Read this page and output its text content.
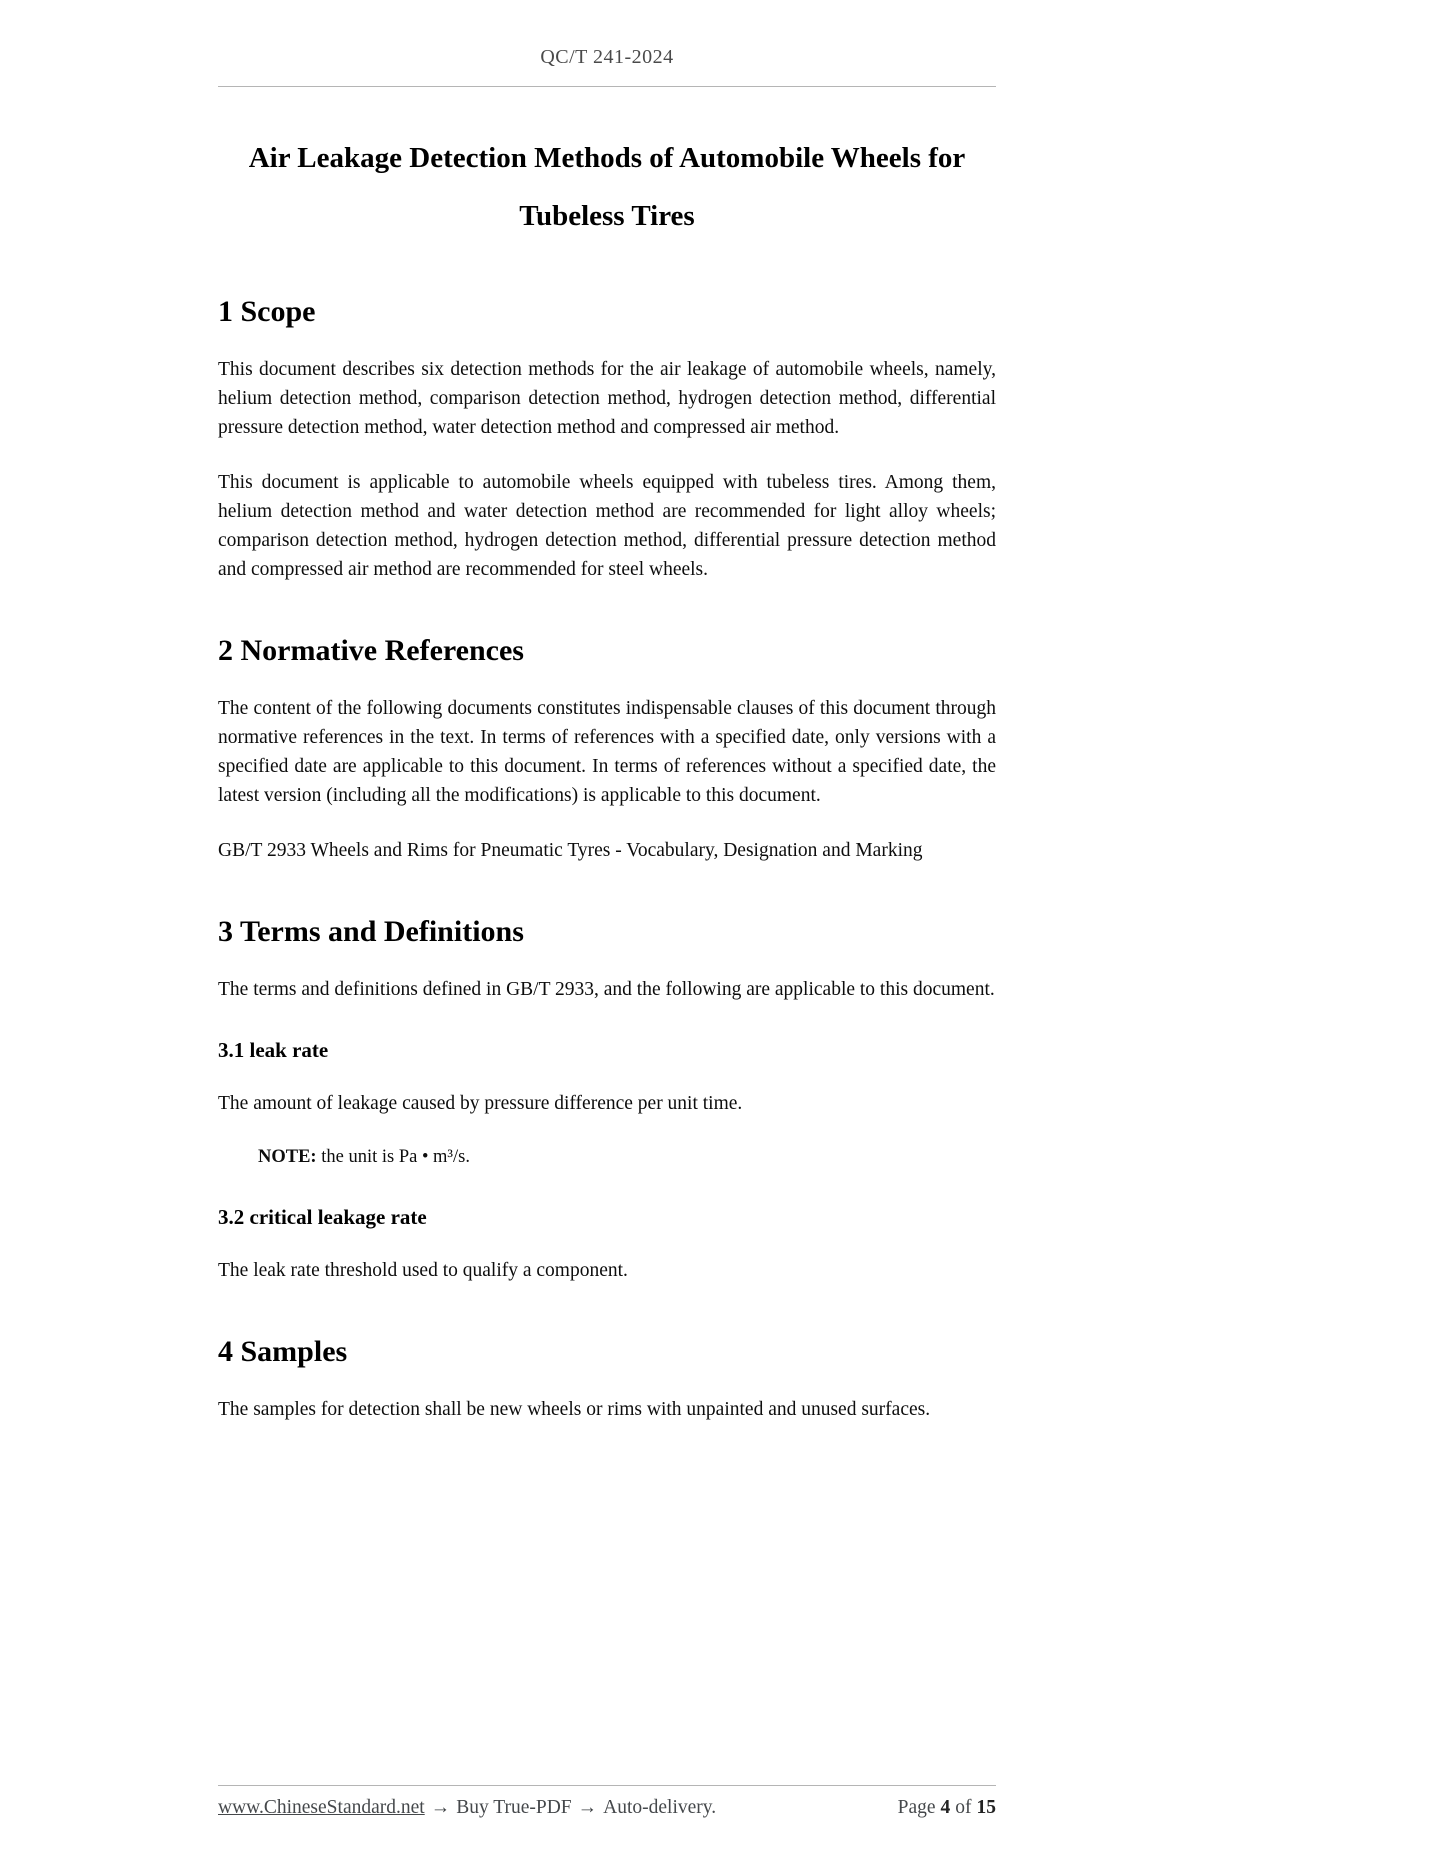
QC/T 241-2024
Air Leakage Detection Methods of Automobile Wheels for
Tubeless Tires
1 Scope

This document describes six detection methods for the air leakage of automobile wheels, namely, helium detection method, comparison detection method, hydrogen detection method, differential pressure detection method, water detection method and compressed air method.

This document is applicable to automobile wheels equipped with tubeless tires. Among them, helium detection method and water detection method are recommended for light alloy wheels; comparison detection method, hydrogen detection method, differential pressure detection method and compressed air method are recommended for steel wheels.

2 Normative References

The content of the following documents constitutes indispensable clauses of this document through normative references in the text. In terms of references with a specified date, only versions with a specified date are applicable to this document. In terms of references without a specified date, the latest version (including all the modifications) is applicable to this document.

GB/T 2933 Wheels and Rims for Pneumatic Tyres - Vocabulary, Designation and Marking

3 Terms and Definitions

The terms and definitions defined in GB/T 2933, and the following are applicable to this document.

3.1 leak rate

The amount of leakage caused by pressure difference per unit time.

NOTE: the unit is Pa • m³/s.

3.2 critical leakage rate

The leak rate threshold used to qualify a component.

4 Samples

The samples for detection shall be new wheels or rims with unpainted and unused surfaces.

www.ChineseStandard.net → Buy True-PDF → Auto-delivery.	Page 4 of 15
